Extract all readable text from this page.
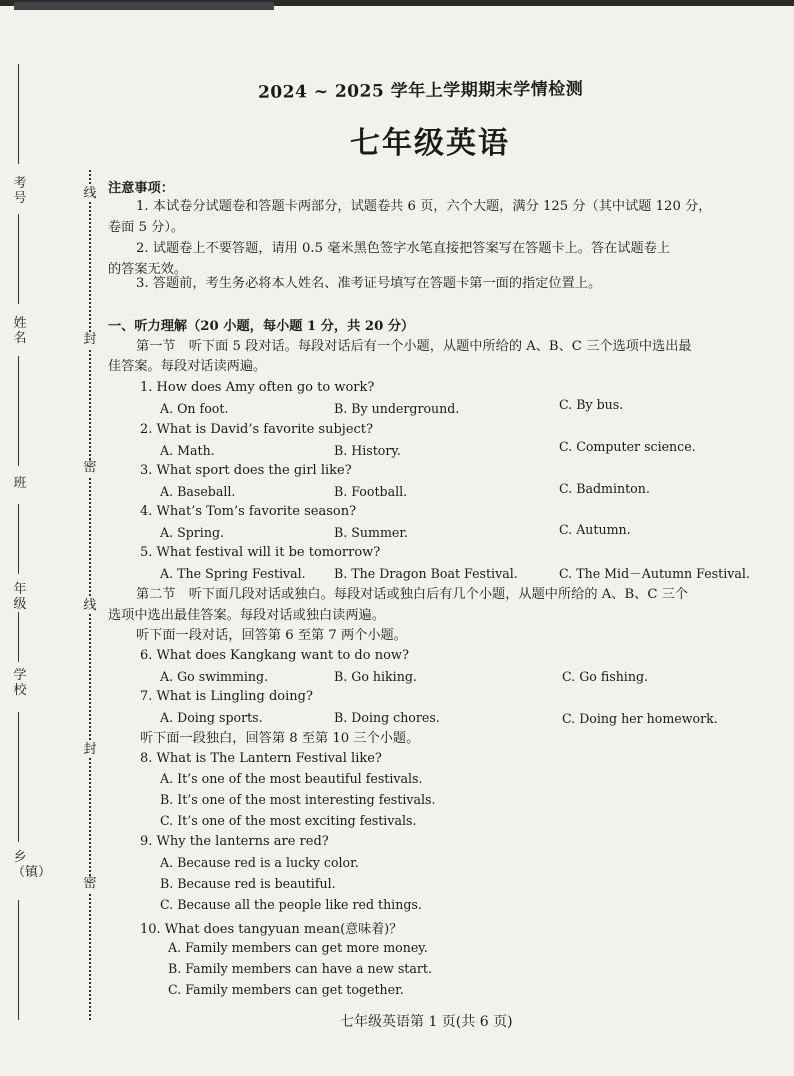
线
封
密
线
封
密
考号
姓名
班
年级
学校
乡（镇）
2024 ~ 2025 学年上学期期末学情检测
七年级英语
注意事项：
1. 本试卷分试题卷和答题卡两部分，试题卷共 6 页，六个大题，满分 125 分（其中试题 120 分，
卷面 5 分）。
2. 试题卷上不要答题，请用 0.5 毫米黑色签字水笔直接把答案写在答题卡上。答在试题卷上
的答案无效。
3. 答题前，考生务必将本人姓名、准考证号填写在答题卡第一面的指定位置上。
一、听力理解（20 小题，每小题 1 分，共 20 分）
第一节　听下面 5 段对话。每段对话后有一个小题，从题中所给的 A、B、C 三个选项中选出最
佳答案。每段对话读两遍。
1. How does Amy often go to work?
A. On foot.	B. By underground.	C. By bus.
2. What is David’s favorite subject?
A. Math.	B. History.	C. Computer science.
3. What sport does the girl like?
A. Baseball.	B. Football.	C. Badminton.
4. What’s Tom’s favorite season?
A. Spring.	B. Summer.	C. Autumn.
5. What festival will it be tomorrow?
A. The Spring Festival. B. The Dragon Boat Festival.	C. The Mid－Autumn Festival.
第二节　听下面几段对话或独白。每段对话或独白后有几个小题，从题中所给的 A、B、C 三个
选项中选出最佳答案。每段对话或独白读两遍。
听下面一段对话，回答第 6 至第 7 两个小题。
6. What does Kangkang want to do now?
A. Go swimming.	B. Go hiking.	C. Go fishing.
7. What is Lingling doing?
A. Doing sports.	B. Doing chores.	C. Doing her homework.
听下面一段独白，回答第 8 至第 10 三个小题。
8. What is The Lantern Festival like?
A. It’s one of the most beautiful festivals.
B. It’s one of the most interesting festivals.
C. It’s one of the most exciting festivals.
9. Why the lanterns are red?
A. Because red is a lucky color.
B. Because red is beautiful.
C. Because all the people like red things.
10. What does tangyuan mean(意味着)？
A. Family members can get more money.
B. Family members can have a new start.
C. Family members can get together.
七年级英语第 1 页(共 6 页)
